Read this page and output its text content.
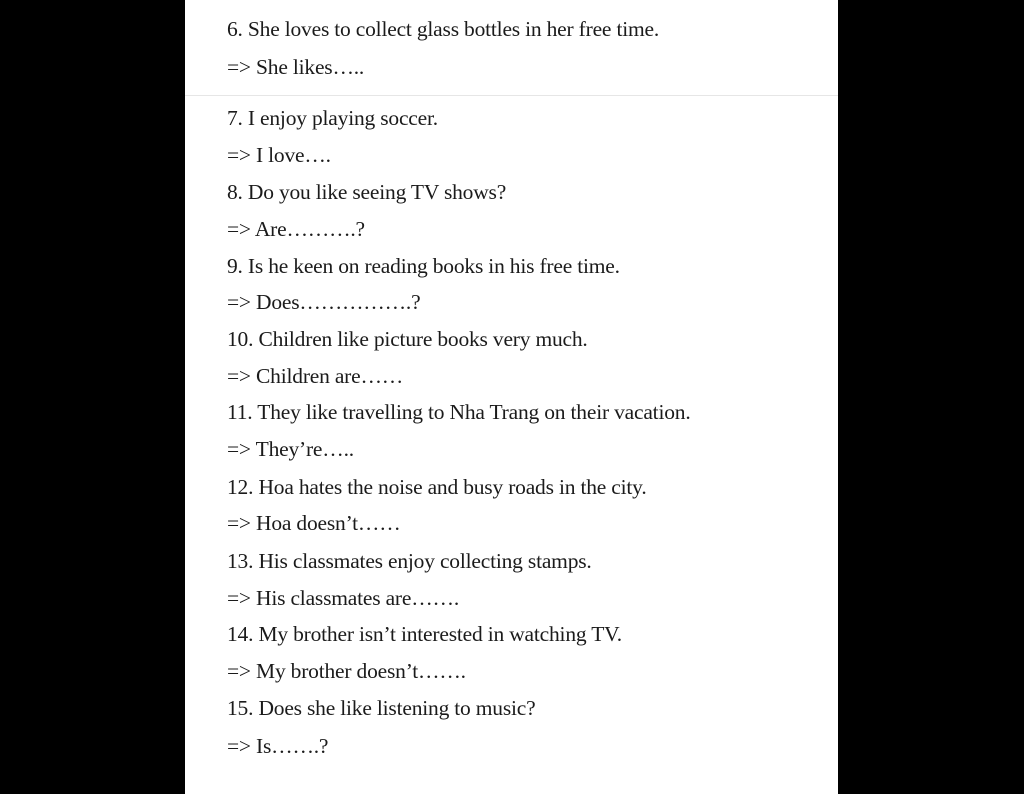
6. She loves to collect glass bottles in her free time.

=> She likes…..

7. I enjoy playing soccer.

=> I love….

8. Do you like seeing TV shows?

=> Are……….?

9. Is he keen on reading books in his free time.

=> Does…………….?

10. Children like picture books very much.

=> Children are……

11. They like travelling to Nha Trang on their vacation.

=> They’re…..

12. Hoa hates the noise and busy roads in the city.

=> Hoa doesn’t……

13. His classmates enjoy collecting stamps.

=> His classmates are…….

14. My brother isn’t interested in watching TV.

=> My brother doesn’t…….

15. Does she like listening to music?

=> Is…….?
